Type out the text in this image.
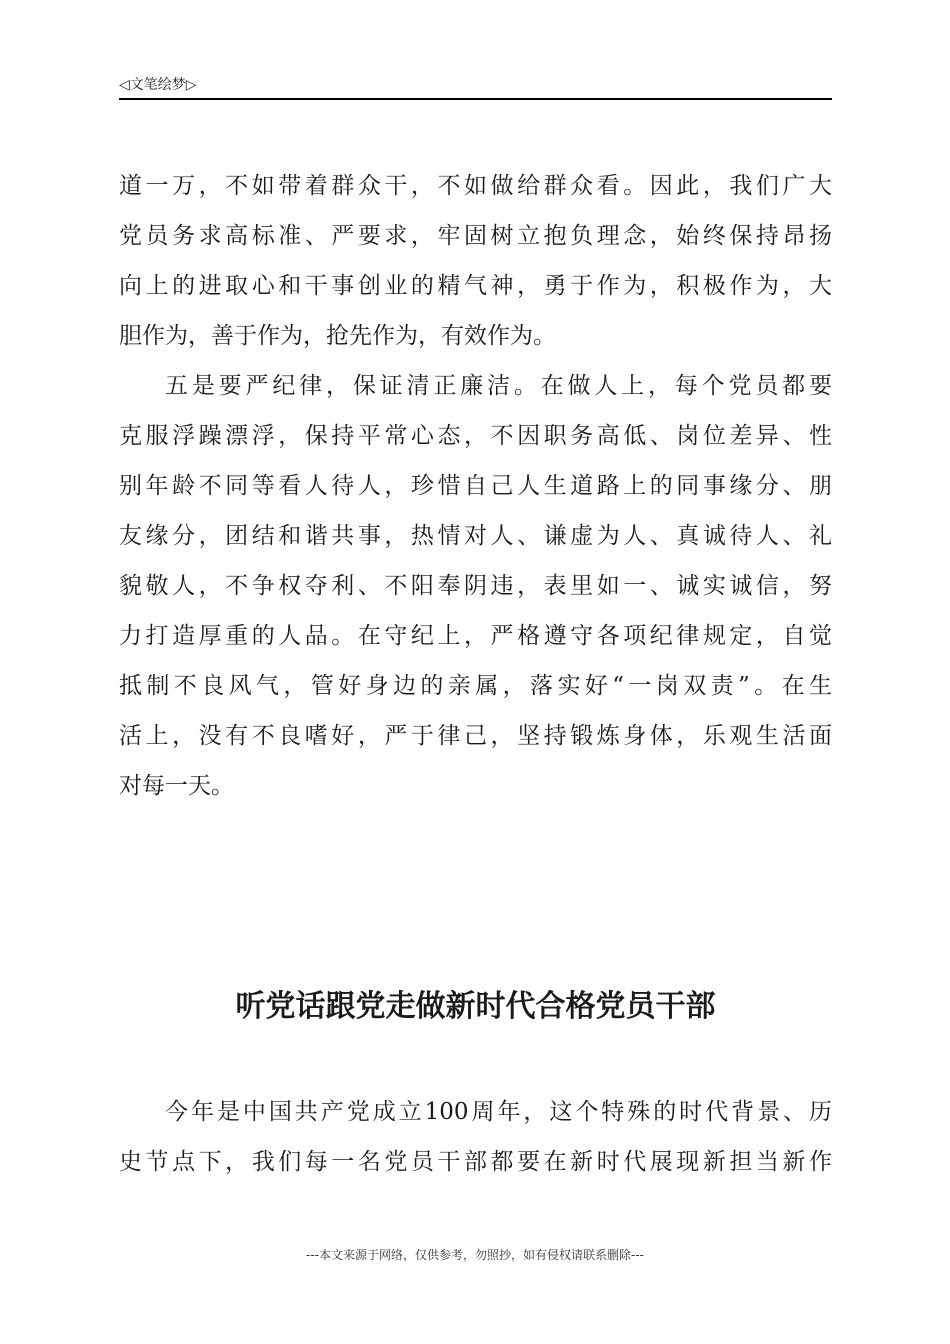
◁文笔绘梦▷
道一万，不如带着群众干，不如做给群众看。因此，我们广大
党员务求高标准、严要求，牢固树立抱负理念，始终保持昂扬
向上的进取心和干事创业的精气神，勇于作为，积极作为，大
胆作为，善于作为，抢先作为，有效作为。
五是要严纪律，保证清正廉洁。在做人上，每个党员都要
克服浮躁漂浮，保持平常心态，不因职务高低、岗位差异、性
别年龄不同等看人待人，珍惜自己人生道路上的同事缘分、朋
友缘分，团结和谐共事，热情对人、谦虚为人、真诚待人、礼
貌敬人，不争权夺利、不阳奉阴违，表里如一、诚实诚信，努
力打造厚重的人品。在守纪上，严格遵守各项纪律规定，自觉
抵制不良风气，管好身边的亲属，落实好“一岗双责”。在生
活上，没有不良嗜好，严于律己，坚持锻炼身体，乐观生活面
对每一天。
听党话跟党走做新时代合格党员干部
今年是中国共产党成立100周年，这个特殊的时代背景、历
史节点下，我们每一名党员干部都要在新时代展现新担当新作
---本文来源于网络，仅供参考，勿照抄，如有侵权请联系删除---
